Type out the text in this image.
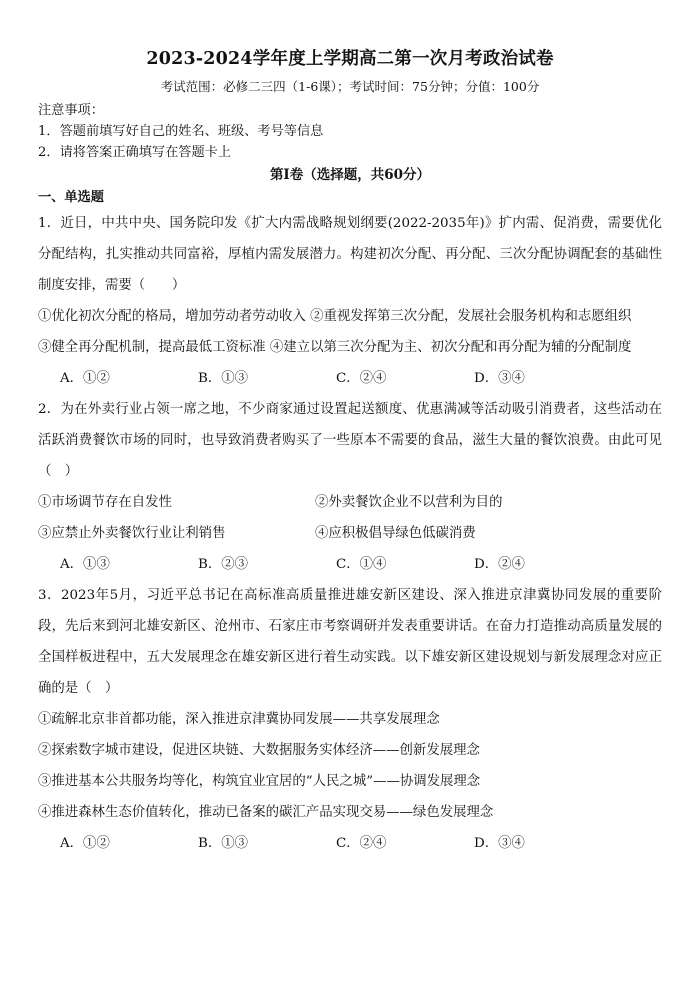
2023-2024学年度上学期高二第一次月考政治试卷
考试范围：必修二三四（1-6课）；考试时间：75分钟；分值：100分
注意事项：
1．答题前填写好自己的姓名、班级、考号等信息
2．请将答案正确填写在答题卡上
第I卷（选择题，共60分）
一、单选题
1．近日，中共中央、国务院印发《扩大内需战略规划纲要(2022-2035年)》扩内需、促消费，需要优化分配结构，扎实推动共同富裕，厚植内需发展潜力。构建初次分配、再分配、三次分配协调配套的基础性制度安排，需要（　　）
①优化初次分配的格局，增加劳动者劳动收入 ②重视发挥第三次分配，发展社会服务机构和志愿组织
③健全再分配机制，提高最低工资标准 ④建立以第三次分配为主、初次分配和再分配为辅的分配制度
A．①②	B．①③	C．②④	D．③④
2．为在外卖行业占领一席之地，不少商家通过设置起送额度、优惠满减等活动吸引消费者，这些活动在活跃消费餐饮市场的同时，也导致消费者购买了一些原本不需要的食品，滋生大量的餐饮浪费。由此可见（　）
①市场调节存在自发性	②外卖餐饮企业不以营利为目的
③应禁止外卖餐饮行业让利销售	④应积极倡导绿色低碳消费
A．①③	B．②③	C．①④	D．②④
3．2023年5月，习近平总书记在高标准高质量推进雄安新区建设、深入推进京津冀协同发展的重要阶段，先后来到河北雄安新区、沧州市、石家庄市考察调研并发表重要讲话。在奋力打造推动高质量发展的全国样板进程中，五大发展理念在雄安新区进行着生动实践。以下雄安新区建设规划与新发展理念对应正确的是（　）
①疏解北京非首都功能，深入推进京津冀协同发展——共享发展理念
②探索数字城市建设，促进区块链、大数据服务实体经济——创新发展理念
③推进基本公共服务均等化，构筑宜业宜居的“人民之城”——协调发展理念
④推进森林生态价值转化，推动已备案的碳汇产品实现交易——绿色发展理念
A．①②	B．①③	C．②④	D．③④
